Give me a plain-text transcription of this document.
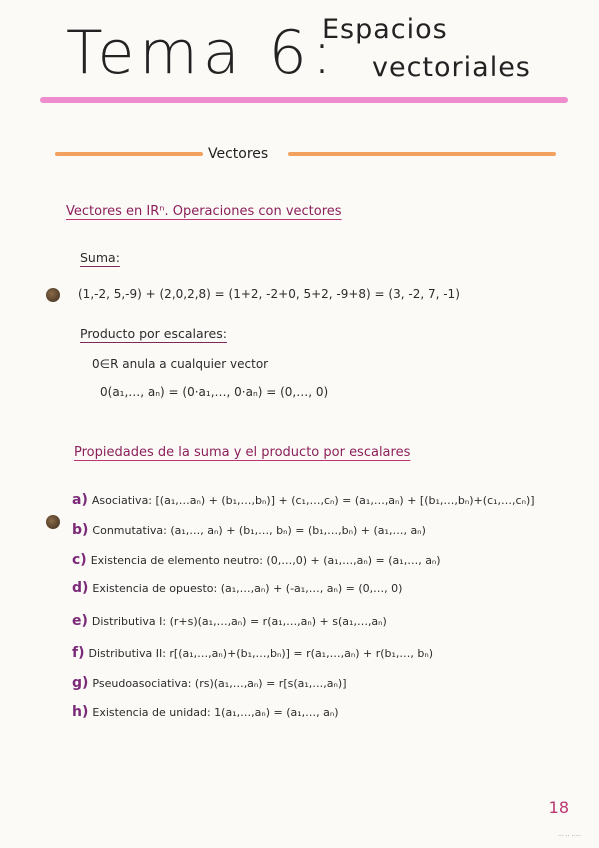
Tema 6:
Espacios
vectoriales
Vectores
Vectores en IRⁿ. Operaciones con vectores
Suma:
(1,-2, 5,-9) + (2,0,2,8) = (1+2, -2+0, 5+2, -9+8) = (3, -2, 7, -1)
Producto por escalares:
0∈R anula a cualquier vector
0(a₁,…, aₙ) = (0·a₁,…, 0·aₙ) = (0,…, 0)
Propiedades de la suma y el producto por escalares
a) Asociativa: [(a₁,…aₙ) + (b₁,…,bₙ)] + (c₁,…,cₙ) = (a₁,…,aₙ) + [(b₁,…,bₙ)+(c₁,…,cₙ)]
b) Conmutativa: (a₁,…, aₙ) + (b₁,…, bₙ) = (b₁,…,bₙ) + (a₁,…, aₙ)
c) Existencia de elemento neutro: (0,…,0) + (a₁,…,aₙ) = (a₁,…, aₙ)
d) Existencia de opuesto: (a₁,…,aₙ) + (-a₁,…, aₙ) = (0,…, 0)
e) Distributiva I: (r+s)(a₁,…,aₙ) = r(a₁,…,aₙ) + s(a₁,…,aₙ)
f) Distributiva II: r[(a₁,…,aₙ)+(b₁,…,bₙ)] = r(a₁,…,aₙ) + r(b₁,…, bₙ)
g) Pseudoasociativa: (rs)(a₁,…,aₙ) = r[s(a₁,…,aₙ)]
h) Existencia de unidad: 1(a₁,…,aₙ) = (a₁,…, aₙ)
18
··· ·· ·····
